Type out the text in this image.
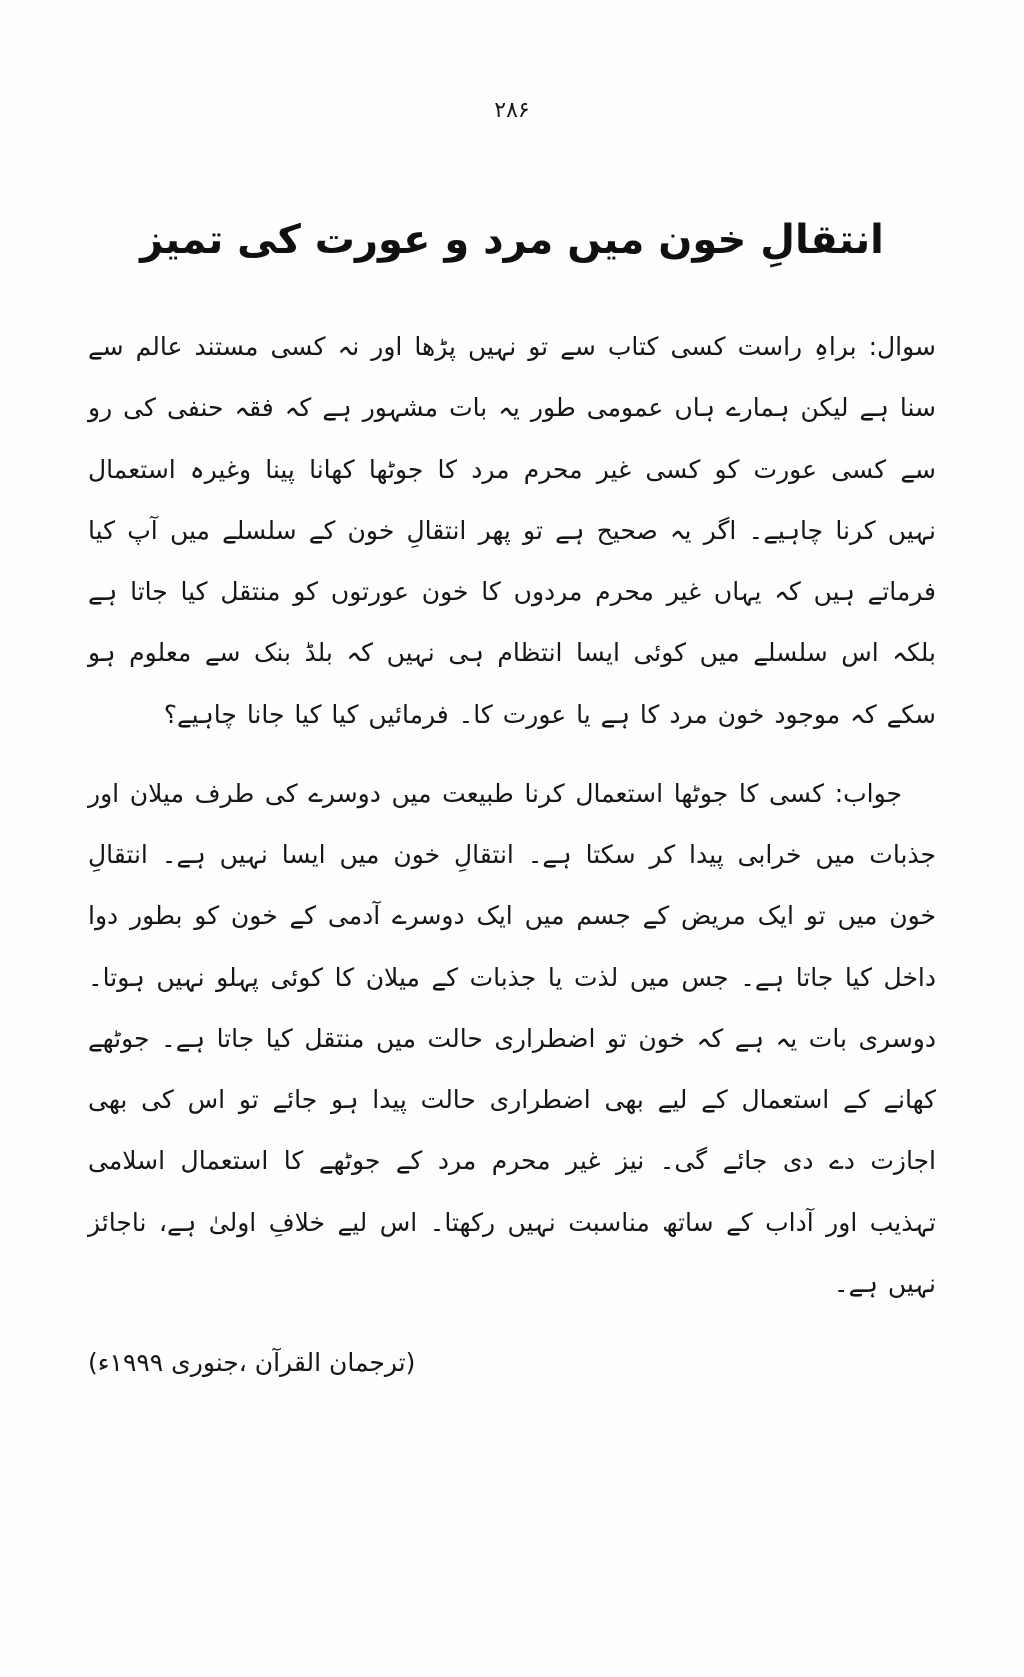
۲۸۶
انتقالِ خون میں مرد و عورت کی تمیز

سوال: براہِ راست کسی کتاب سے تو نہیں پڑھا اور نہ کسی مستند عالم سے سنا ہے لیکن ہمارے ہاں عمومی طور یہ بات مشہور ہے کہ فقہ حنفی کی رو سے کسی عورت کو کسی غیر محرم مرد کا جوٹھا کھانا پینا وغیرہ استعمال نہیں کرنا چاہیے۔ اگر یہ صحیح ہے تو پھر انتقالِ خون کے سلسلے میں آپ کیا فرماتے ہیں کہ یہاں غیر محرم مردوں کا خون عورتوں کو منتقل کیا جاتا ہے بلکہ اس سلسلے میں کوئی ایسا انتظام ہی نہیں کہ بلڈ بنک سے معلوم ہو سکے کہ موجود خون مرد کا ہے یا عورت کا۔ فرمائیں کیا کیا جانا چاہیے؟

جواب: کسی کا جوٹھا استعمال کرنا طبیعت میں دوسرے کی طرف میلان اور جذبات میں خرابی پیدا کر سکتا ہے۔ انتقالِ خون میں ایسا نہیں ہے۔ انتقالِ خون میں تو ایک مریض کے جسم میں ایک دوسرے آدمی کے خون کو بطور دوا داخل کیا جاتا ہے۔ جس میں لذت یا جذبات کے میلان کا کوئی پہلو نہیں ہوتا۔ دوسری بات یہ ہے کہ خون تو اضطراری حالت میں منتقل کیا جاتا ہے۔ جوٹھے کھانے کے استعمال کے لیے بھی اضطراری حالت پیدا ہو جائے تو اس کی بھی اجازت دے دی جائے گی۔ نیز غیر محرم مرد کے جوٹھے کا استعمال اسلامی تہذیب اور آداب کے ساتھ مناسبت نہیں رکھتا۔ اس لیے خلافِ اولیٰ ہے، ناجائز نہیں ہے۔

(ترجمان القرآن ،جنوری ۱۹۹۹ء)
